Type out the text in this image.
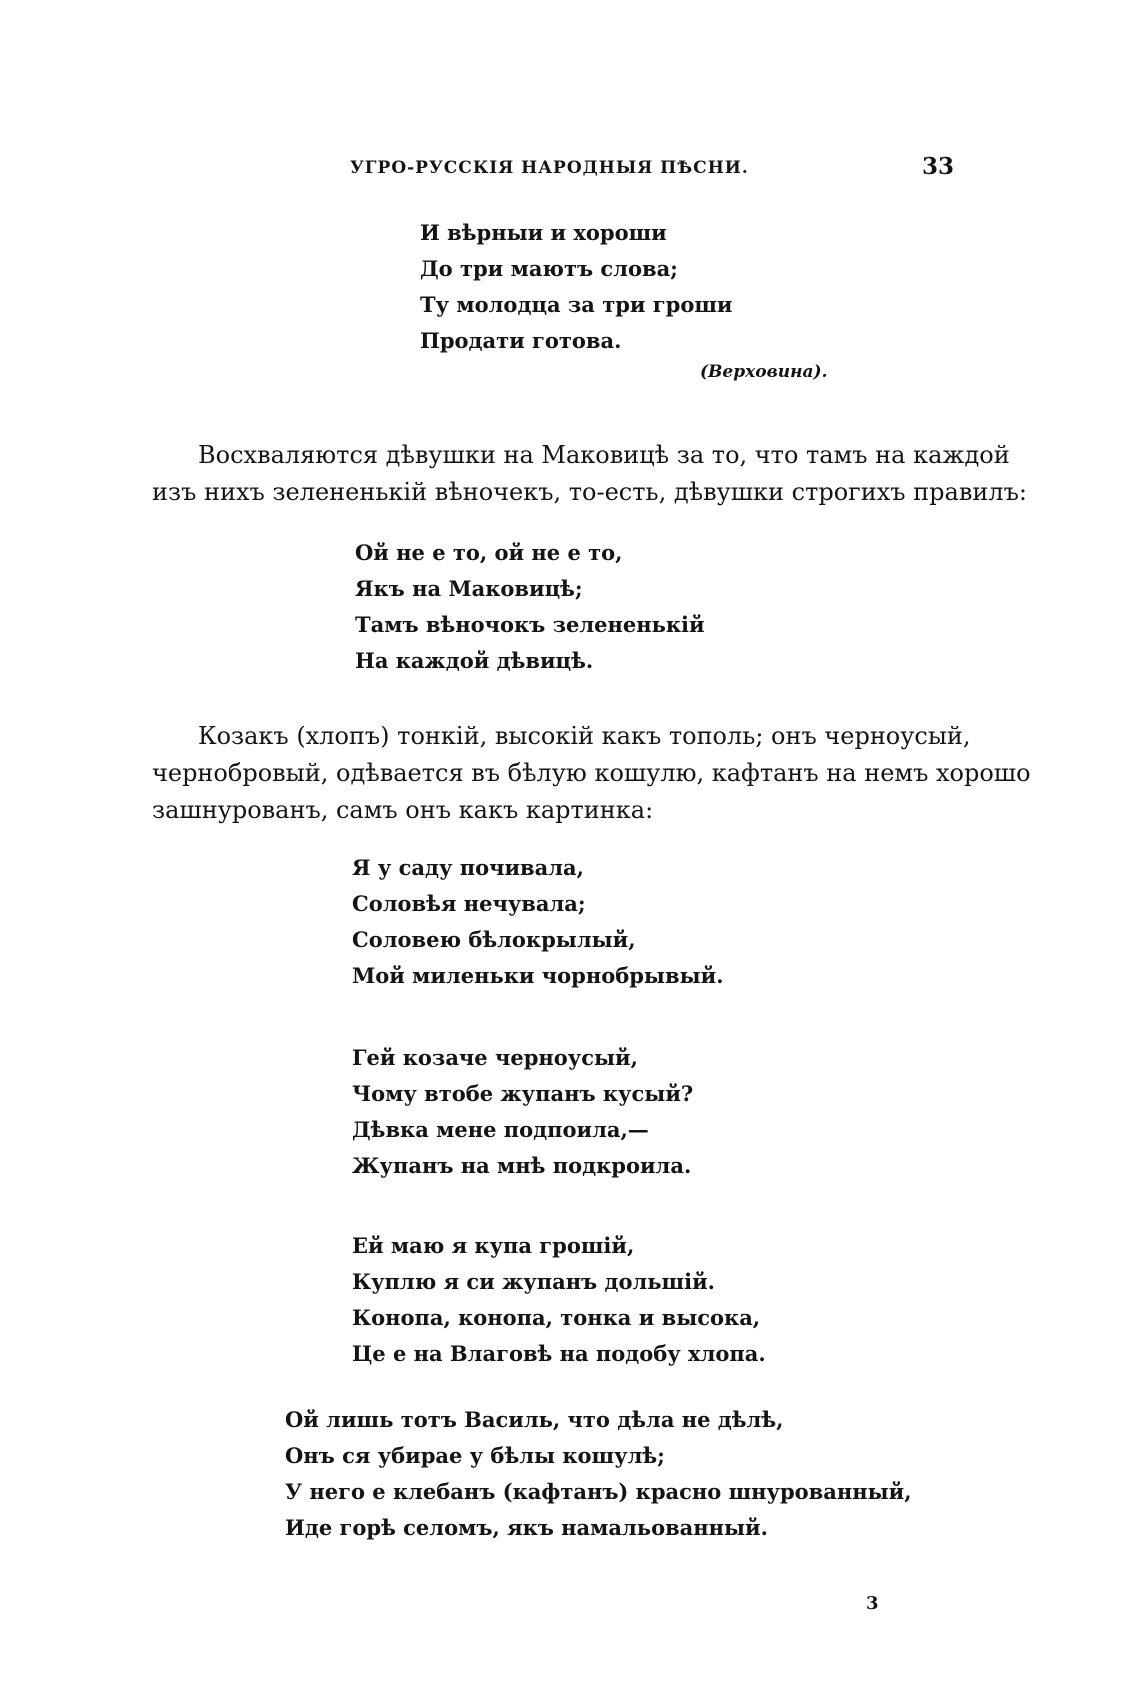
УГРО-РУССКІЯ НАРОДНЫЯ ПѢСНИ.	33
И вѣрныи и хороши
До три маютъ слова;
Ту молодца за три гроши
Продати готова.
(Верховина).
Восхваляются дѣвушки на Маковицѣ за то, что тамъ на каждой
изъ нихъ зелененькій вѣночекъ, то-есть, дѣвушки строгихъ правилъ:
Ой не е то, ой не е то,
Якъ на Маковицѣ;
Тамъ вѣночокъ зелененькій
На каждой дѣвицѣ.
Козакъ (хлопъ) тонкій, высокій какъ тополь; онъ черноусый,
чернобровый, одѣвается въ бѣлую кошулю, кафтанъ на немъ хорошо
зашнурованъ, самъ онъ какъ картинка:
Я у саду почивала,
Соловѣя нечувала;
Соловею бѣлокрылый,
Мой миленьки чорнобрывый.
Гей козаче черноусый,
Чому втобе жупанъ кусый?
Дѣвка мене подпоила,—
Жупанъ на мнѣ подкроила.
Ей маю я купа грошій,
Куплю я си жупанъ дольшій.
Конопа, конопа, тонка и высока,
Це е на Влаговѣ на подобу хлопа.
Ой лишь тотъ Василь, что дѣла не дѣлѣ,
Онъ ся убирае у бѣлы кошулѣ;
У него е клебанъ (кафтанъ) красно шнурованный,
Иде горѣ селомъ, якъ намальованный.
3
